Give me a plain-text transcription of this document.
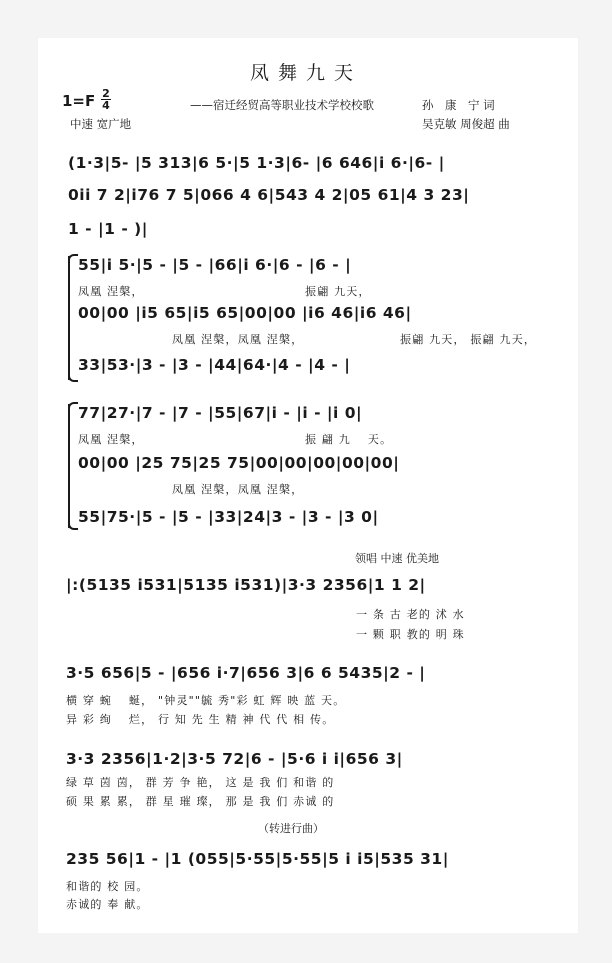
凤舞九天
$1=F \frac{2}{4}$
中速 宽广地
——宿迁经贸高等职业技术学校校歌	孙　康　宁 词
吴克敏 周俊超 曲
(1·3|5- |5 313|6 5·|5 1·3|6- |6 646|i 6·|6- |
0ii 7 2|i76 7 5|066 4 6|543 4 2|05 61|4 3 23|
1 - |1 - )|
55|i 5·|5 - |5 - |66|i 6·|6 - |6 - |
凤凰 涅槃，	振翩 九天，
00|00 |i5 65|i5 65|00|00 |i6 46|i6 46|
凤凰 涅槃，凤凰 涅槃，	振翩 九天， 振翩 九天，
33|53·|3 - |3 - |44|64·|4 - |4 - |
77|27·|7 - |7 - |55|67|i - |i - |i 0|
凤凰 涅槃，	振 翩 九　 天。
00|00 |25 75|25 75|00|00|00|00|00|
凤凰 涅槃，凤凰 涅槃，
55|75·|5 - |5 - |33|24|3 - |3 - |3 0|
领唱 中速 优美地
|:(5135 i531|5135 i531)|3·3 2356|1 1 2|
一 条 古 老的 沭 水
一 颗 职 教的 明 珠
3·5 656|5 - |656 i·7|656 3|6 6 5435|2 - |
横 穿 蜿 　蜒， "钟灵""毓 秀"彩 虹 辉 映 蓝 天。
异 彩 绚 　烂， 行 知 先 生 精 神 代 代 相 传。
3·3 2356|1·2|3·5 72|6 - |5·6 i i|656 3|
绿 草 茵 茵， 群 芳 争 艳， 这 是 我 们 和谐 的
硕 果 累 累， 群 星 璀 璨， 那 是 我 们 赤诚 的
（转进行曲）
235 56|1 - |1 (055|5·55|5·55|5 i i5|535 31|
和谐的 校 园。
赤诚的 奉 献。
